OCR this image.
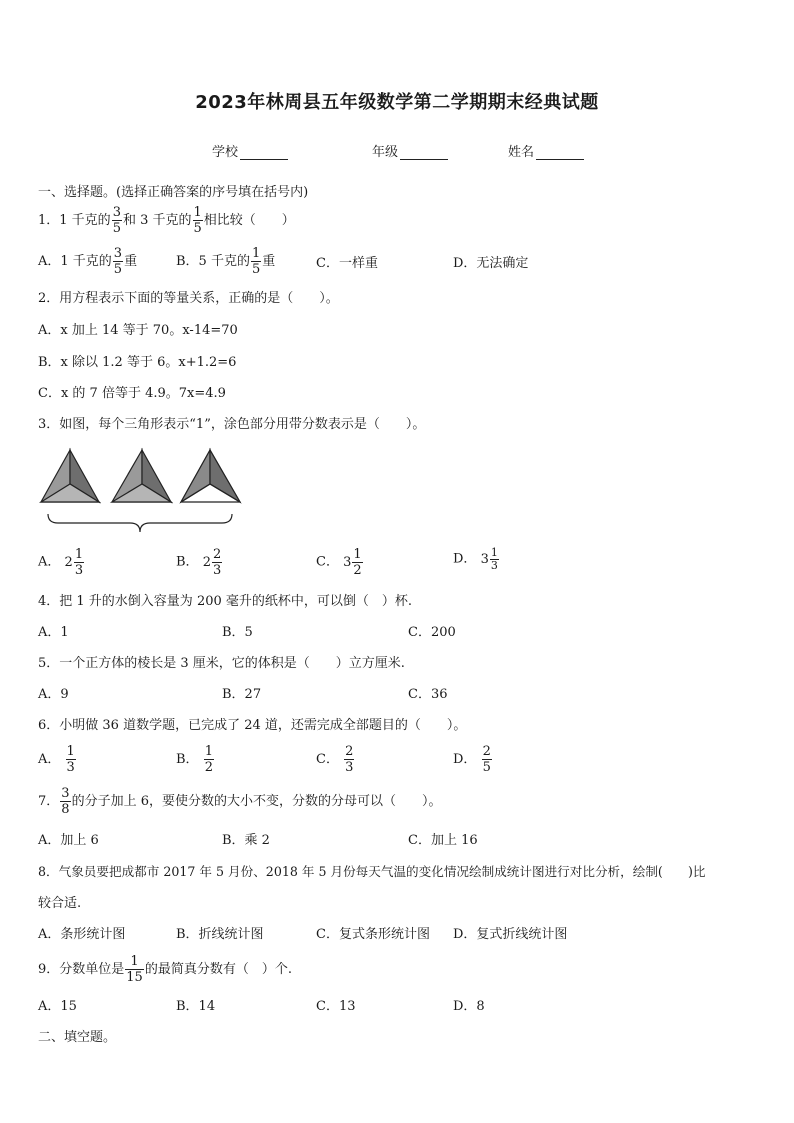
2023年林周县五年级数学第二学期期末经典试题
学校	年级	姓名
一、选择题。(选择正确答案的序号填在括号内)
1．1 千克的 $\frac{3}{5}$ 和 3 千克的 $\frac{1}{5}$ 相比较（　　）
A．1 千克的 $\frac{3}{5}$ 重	B．5 千克的 $\frac{1}{5}$ 重	C．一样重	D．无法确定
2．用方程表示下面的等量关系，正确的是（　　）。
A．x 加上 14 等于 70。x-14=70
B．x 除以 1.2 等于 6。x+1.2=6
C．x 的 7 倍等于 4.9。7x=4.9
3．如图，每个三角形表示“1”，涂色部分用带分数表示是（　　）。
A． $2 \frac{1}{3}$	B． $2 \frac{2}{3}$	C． $3 \frac{1}{2}$	D． $3 \frac{1}{3}$
4．把 1 升的水倒入容量为 200 毫升的纸杯中，可以倒（　）杯.
A．1	B．5	C．200
5．一个正方体的棱长是 3 厘米，它的体积是（　　）立方厘米.
A．9	B．27	C．36
6．小明做 36 道数学题，已完成了 24 道，还需完成全部题目的（　　）。
A． $\frac{1}{3}$	B． $\frac{1}{2}$	C． $\frac{2}{3}$	D． $\frac{2}{5}$
7． $\frac{3}{8}$ 的分子加上 6，要使分数的大小不变，分数的分母可以（　　）。
A．加上 6	B．乘 2	C．加上 16
8．气象员要把成都市 2017 年 5 月份、2018 年 5 月份每天气温的变化情况绘制成统计图进行对比分析，绘制(　　)比
较合适.
A．条形统计图	B．折线统计图	C．复式条形统计图 D．复式折线统计图
9．分数单位是 $\frac{1}{15}$ 的最简真分数有（　）个.
A．15	B．14	C．13	D．8
二、填空题。
